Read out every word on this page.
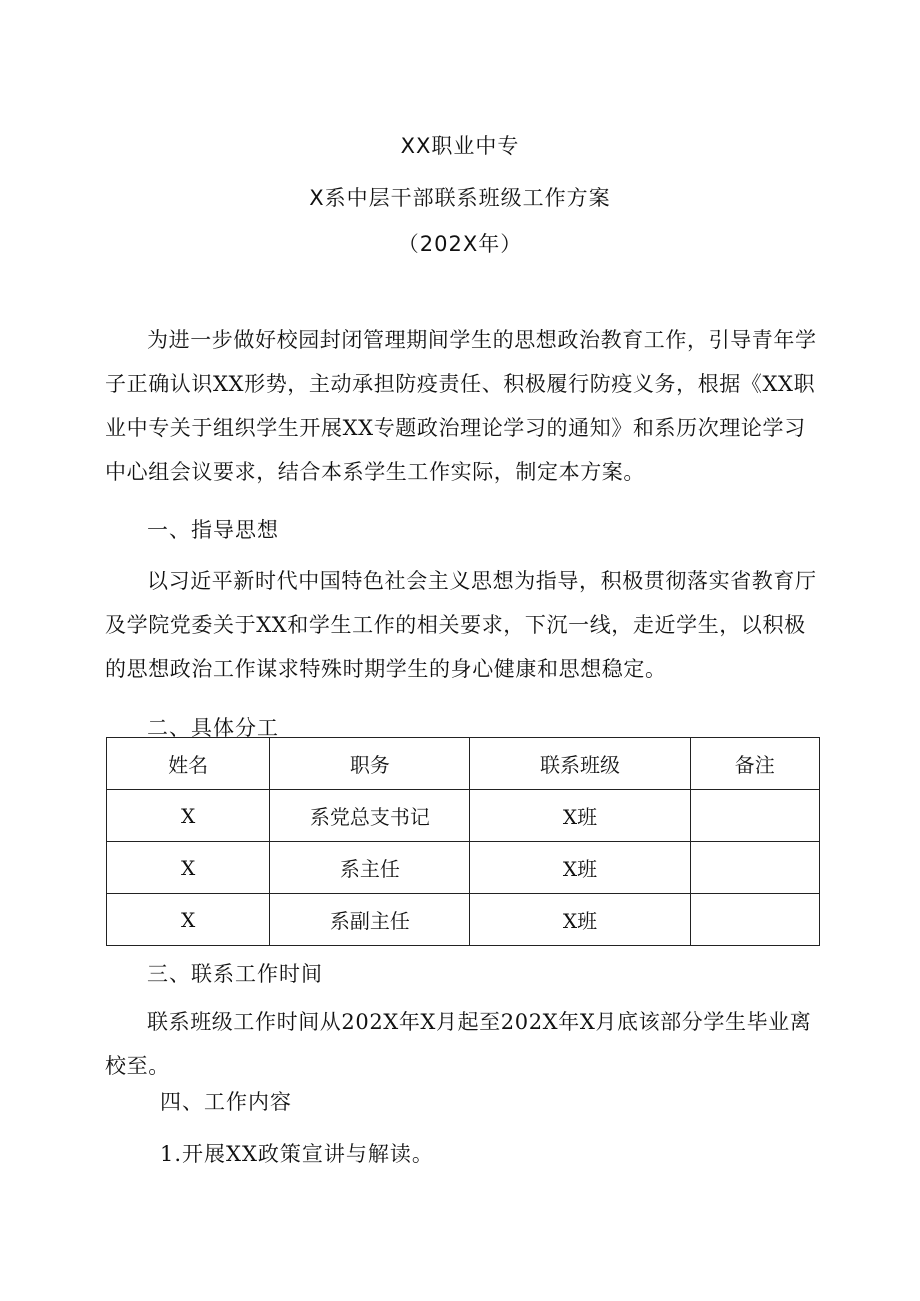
XX职业中专
X系中层干部联系班级工作方案
（202X年）

为进一步做好校园封闭管理期间学生的思想政治教育工作，引导青年学子正确认识XX形势，主动承担防疫责任、积极履行防疫义务，根据《XX职业中专关于组织学生开展XX专题政治理论学习的通知》和系历次理论学习中心组会议要求，结合本系学生工作实际，制定本方案。

一、指导思想

以习近平新时代中国特色社会主义思想为指导，积极贯彻落实省教育厅及学院党委关于XX和学生工作的相关要求，下沉一线，走近学生，以积极的思想政治工作谋求特殊时期学生的身心健康和思想稳定。

二、具体分工

姓名	职务	联系班级	备注
X	系党总支书记	X班	
X	系主任	X班	
X	系副主任	X班	

三、联系工作时间

联系班级工作时间从202X年X月起至202X年X月底该部分学生毕业离校至。

四、工作内容

1.开展XX政策宣讲与解读。
